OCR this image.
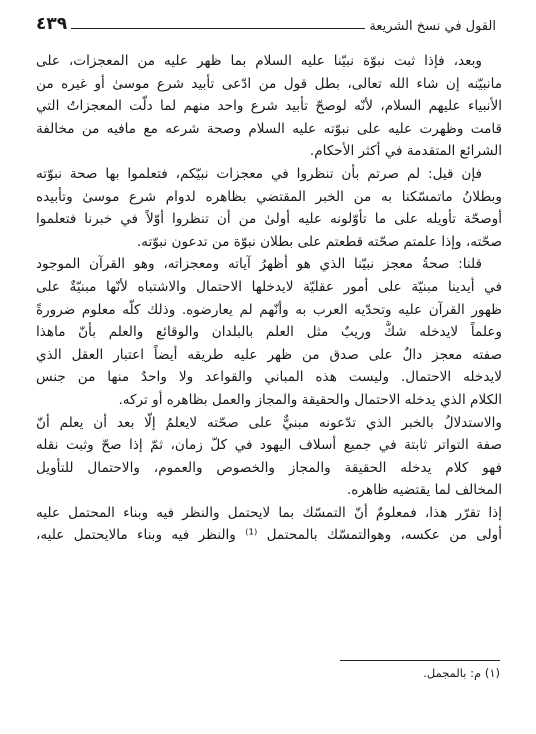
القول في نسخ الشريعة
٤٣٩
وبعد، فإذا ثبت نبوّة نبيّنا عليه السلام بما ظهر عليه من المعجزات، على
مانبيّنه إن شاء الله تعالى، بطل قول من ادّعى تأبيد شرع موسىٰ أو غيره من
الأنبياء عليهم السلام، لأنّه لوصحّ تأبيد شرع واحد منهم لما دلّت المعجزاتُ التي
قامت وظهرت عليه على نبوّته عليه السلام وصحة شرعه مع مافيه من مخالفة
الشرائع المتقدمة في أكثر الأحكام.
فإن قيل: لم صرتم بأن تنظروا في معجزات نبيّكم، فتعلموا بها صحة نبوّته
وبطلانُ ماتمسّكنا به من الخبر المقتضي بظاهره لدوام شرع موسىٰ وتأبيده
أوصحّة تأويله على ما تأوّلونه عليه أولىٰ من أن تنظروا أوّلاً في خبرنا فتعلموا
صحّته، وإذا علمتم صحّته قطعتم على بطلان نبوّة من تدعون نبوّته.
قلنا: صحةُ معجز نبيّنا الذي هو أظهرُ آياته ومعجزاته، وهو القرآن الموجود
في أيدينا مبنيّة على أمور عقليّة لايدخلها الاحتمال والاشتباه لأنّها مبنيّةٌ على
ظهور القرآن عليه وتحدّيه العرب به وأنّهم لم يعارضوه. وذلك كلّه معلوم ضرورةً
وعلماً لايدخله شكٌّ وريبٌ مثل العلم بالبلدان والوقائع والعلم بأنّ ماهذا
صفته معجز دالٌ على صدق من ظهر عليه طريقه أيضاً اعتبار العقل الذي
لايدخله الاحتمال. وليست هذه المباني والقواعد ولا واحدٌ منها من جنس
الكلام الذي يدخله الاحتمال والحقيقة والمجاز والعمل بظاهره أو تركه.
والاستدلالُ بالخبر الذي تدّعونه مبنيٌّ على صحّته لايعلمُ إلّا بعد أن يعلم أنّ
صفة التواتر ثابتة في جميع أسلاف اليهود في كلّ زمان، ثمّ إذا صحّ وثبت نقله
فهو كلام يدخله الحقيقة والمجاز والخصوص والعموم، والاحتمال للتأويل
المخالف لما يقتضيه ظاهره.
إذا تقرّر هذا، فمعلومٌ أنّ التمسّك بما لايحتمل والنظر فيه وبناء المحتمل عليه
أولى من عكسه، وهوالتمسّك بالمحتمل ⁽¹⁾ والنظر فيه وبناء مالايحتمل عليه،
(١) م: بالمجمل.
